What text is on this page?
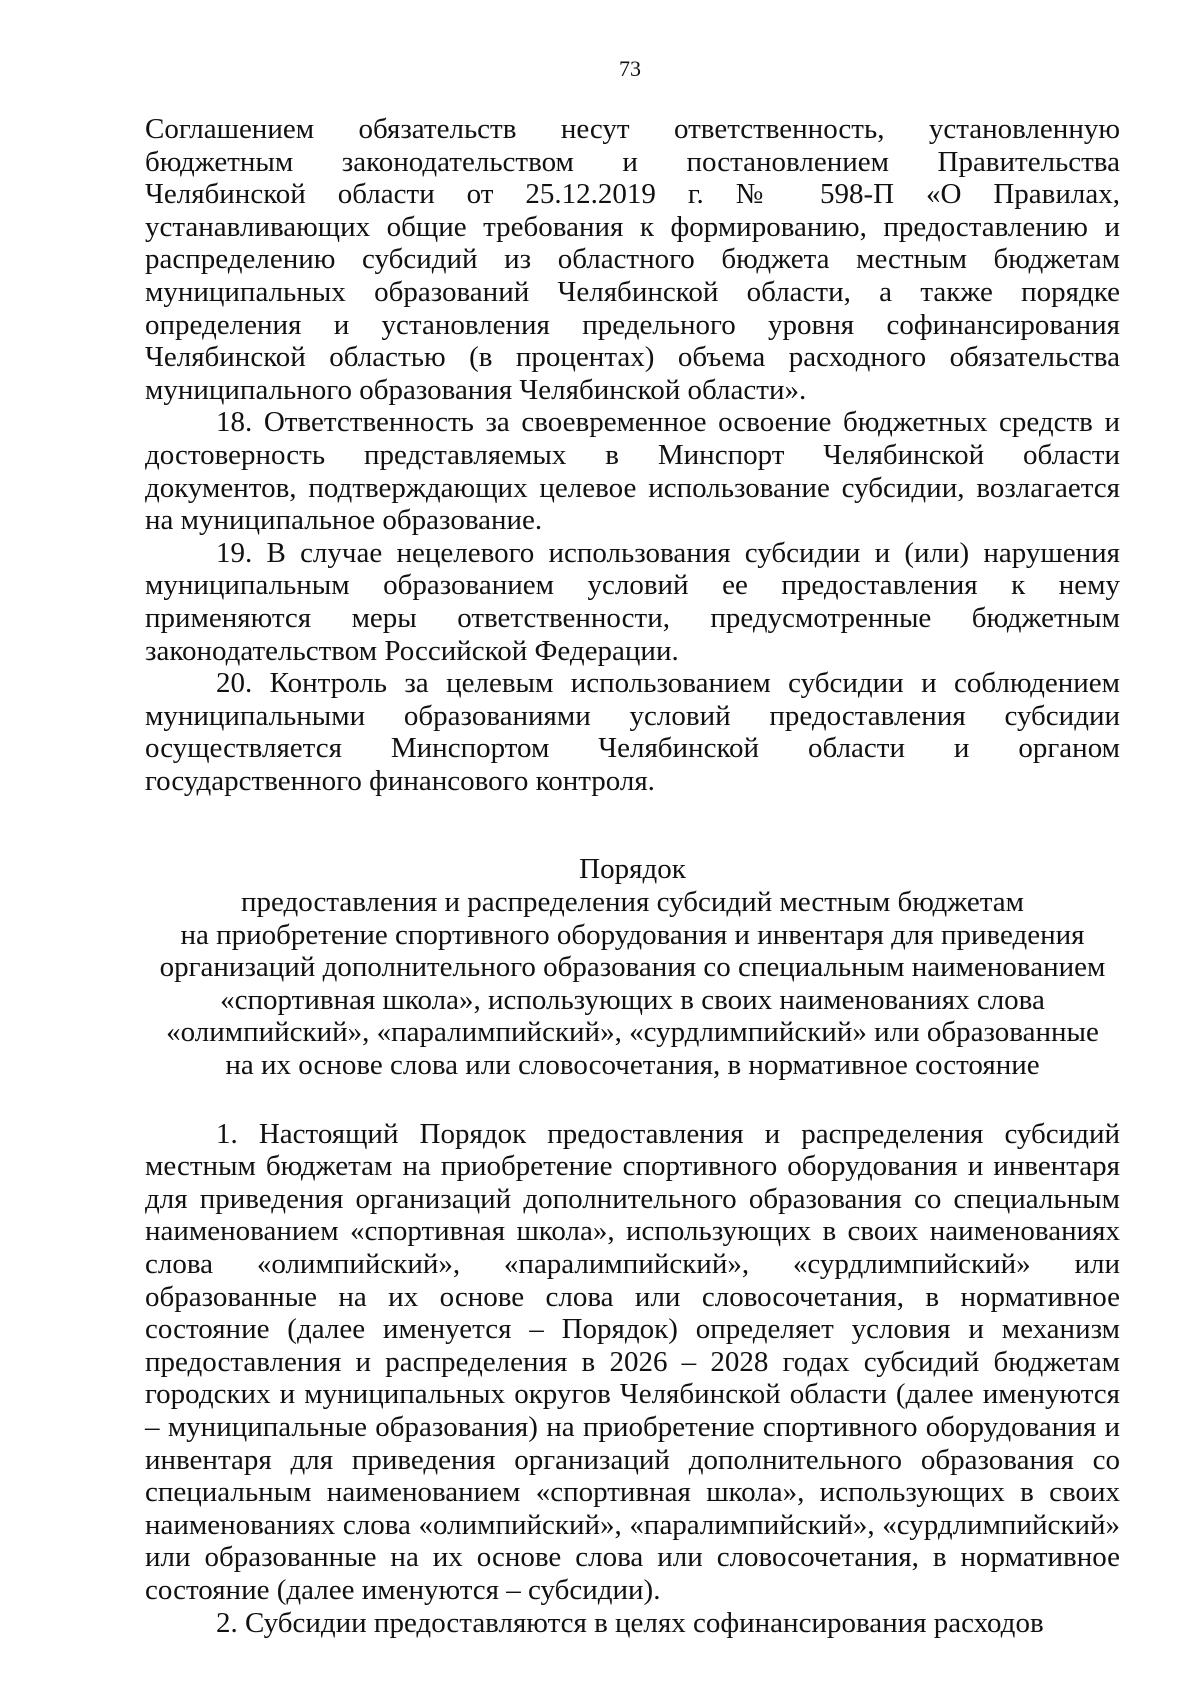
73

Соглашением обязательств несут ответственность, установленную бюджетным законодательством и постановлением Правительства Челябинской области от 25.12.2019 г. № 598-П «О Правилах, устанавливающих общие требования к формированию, предоставлению и распределению субсидий из областного бюджета местным бюджетам муниципальных образований Челябинской области, а также порядке определения и установления предельного уровня софинансирования Челябинской областью (в процентах) объема расходного обязательства муниципального образования Челябинской области».

18. Ответственность за своевременное освоение бюджетных средств и достоверность представляемых в Минспорт Челябинской области документов, подтверждающих целевое использование субсидии, возлагается на муниципальное образование.

19. В случае нецелевого использования субсидии и (или) нарушения муниципальным образованием условий ее предоставления к нему применяются меры ответственности, предусмотренные бюджетным законодательством Российской Федерации.

20. Контроль за целевым использованием субсидии и соблюдением муниципальными образованиями условий предоставления субсидии осуществляется Минспортом Челябинской области и органом государственного финансового контроля.

Порядок
предоставления и распределения субсидий местным бюджетам
на приобретение спортивного оборудования и инвентаря для приведения
организаций дополнительного образования со специальным наименованием
«спортивная школа», использующих в своих наименованиях слова
«олимпийский», «паралимпийский», «сурдлимпийский» или образованные
на их основе слова или словосочетания, в нормативное состояние

1. Настоящий Порядок предоставления и распределения субсидий местным бюджетам на приобретение спортивного оборудования и инвентаря для приведения организаций дополнительного образования со специальным наименованием «спортивная школа», использующих в своих наименованиях слова «олимпийский», «паралимпийский», «сурдлимпийский» или образованные на их основе слова или словосочетания, в нормативное состояние (далее именуется – Порядок) определяет условия и механизм предоставления и распределения в 2026 – 2028 годах субсидий бюджетам городских и муниципальных округов Челябинской области (далее именуются – муниципальные образования) на приобретение спортивного оборудования и инвентаря для приведения организаций дополнительного образования со специальным наименованием «спортивная школа», использующих в своих наименованиях слова «олимпийский», «паралимпийский», «сурдлимпийский» или образованные на их основе слова или словосочетания, в нормативное состояние (далее именуются – субсидии).

2. Субсидии предоставляются в целях софинансирования расходов
